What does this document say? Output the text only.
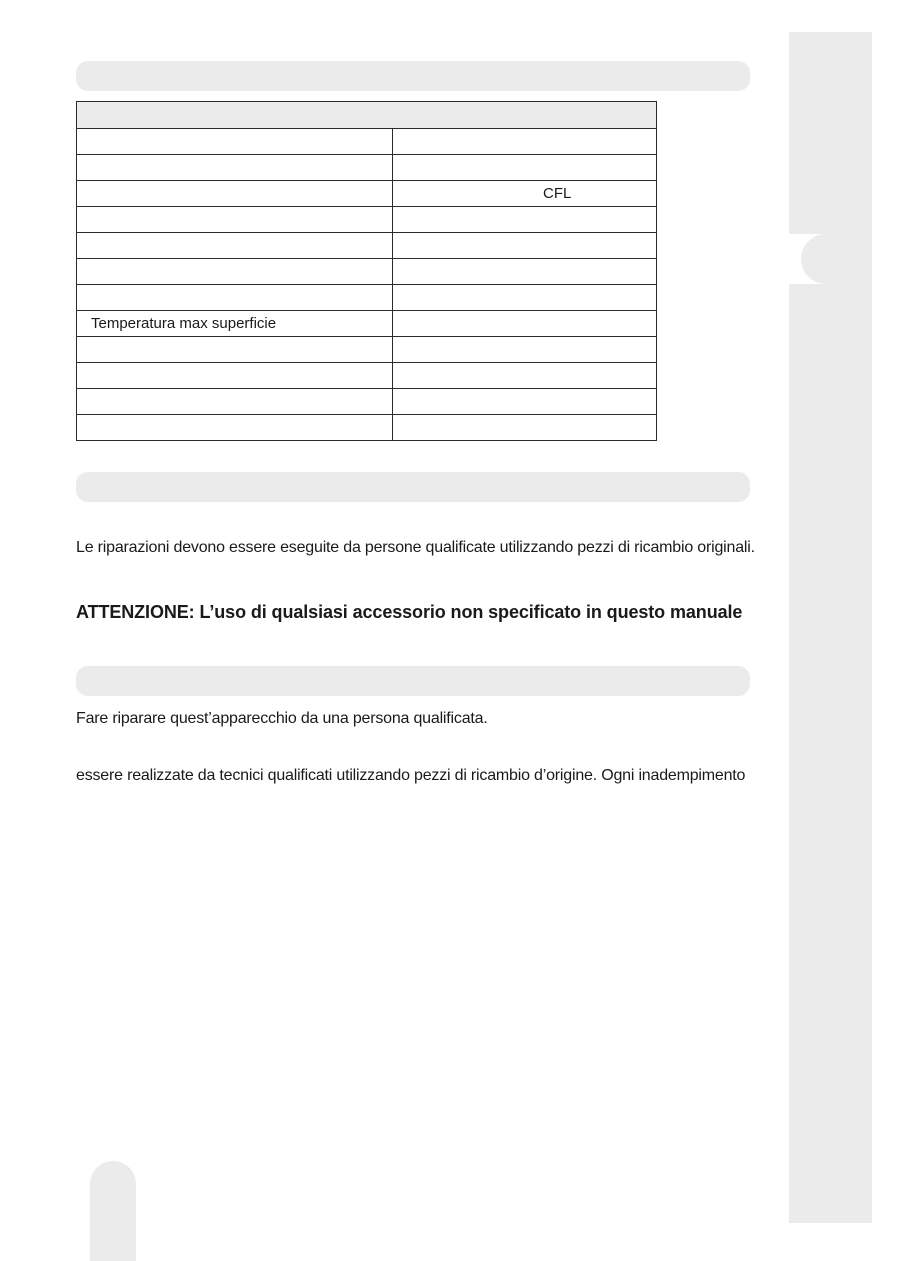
	CFL

Temperatura max superficie	

Le riparazioni devono essere eseguite da persone qualificate utilizzando pezzi di ricambio originali.
ATTENZIONE: L’uso di qualsiasi accessorio non specificato in questo manuale
Fare riparare quest’apparecchio da una persona qualificata.
essere realizzate da tecnici qualificati utilizzando pezzi di ricambio d’origine. Ogni inadempimento
